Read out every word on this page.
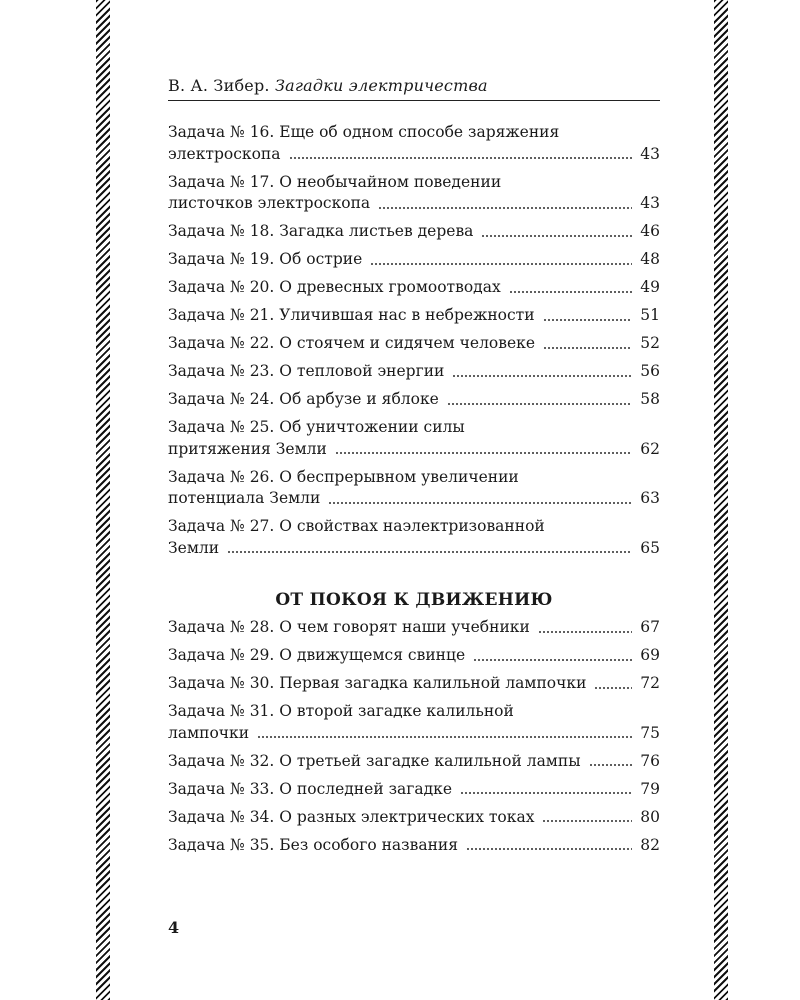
В. А. Зибер. Загадки электричества
Задача № 16. Еще об одном способе заряжения
электроскопа	43
Задача № 17. О необычайном поведении
листочков электроскопа	43
Задача № 18. Загадка листьев дерева	46
Задача № 19. Об острие	48
Задача № 20. О древесных громоотводах	49
Задача № 21. Уличившая нас в небрежности	51
Задача № 22. О стоячем и сидячем человеке	52
Задача № 23. О тепловой энергии	56
Задача № 24. Об арбузе и яблоке	58
Задача № 25. Об уничтожении силы
притяжения Земли	62
Задача № 26. О беспрерывном увеличении
потенциала Земли	63
Задача № 27. О свойствах наэлектризованной
Земли	65
ОТ ПОКОЯ К ДВИЖЕНИЮ
Задача № 28. О чем говорят наши учебники	67
Задача № 29. О движущемся свинце	69
Задача № 30. Первая загадка калильной лампочки	72
Задача № 31. О второй загадке калильной
лампочки	75
Задача № 32. О третьей загадке калильной лампы	76
Задача № 33. О последней загадке	79
Задача № 34. О разных электрических токах	80
Задача № 35. Без особого названия	82
4
